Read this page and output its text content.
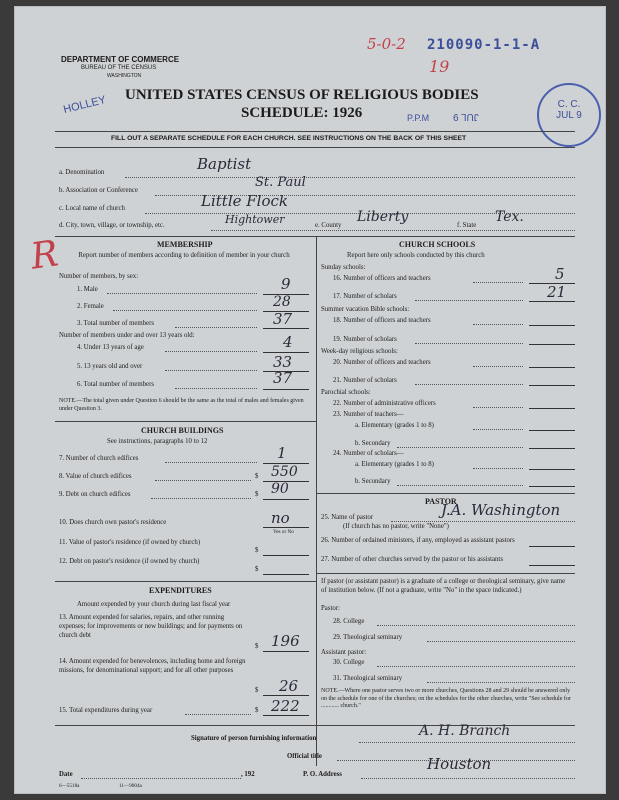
5-0-2
19
210090-1-1-A
HOLLEY
P.P.M JUL 9
C. C.
JUL 9
R
DEPARTMENT OF COMMERCE
BUREAU OF THE CENSUS
WASHINGTON
UNITED STATES CENSUS OF RELIGIOUS BODIES
SCHEDULE: 1926
FILL OUT A SEPARATE SCHEDULE FOR EACH CHURCH. SEE INSTRUCTIONS ON THE BACK OF THIS SHEET
a. Denomination	Baptist
b. Association or Conference
St. Paul
c. Local name of church	Little Flock
d. City, town, village, or township, etc.	Hightower	e. County
Liberty
f. State
Tex.
MEMBERSHIP
Report number of members according to definition of member in your church
Number of members, by sex:
1. Male	9
2. Female	28
3. Total number of members	37
Number of members under and over 13 years old:
4. Under 13 years of age	4
5. 13 years old and over	33
6. Total number of members	37
NOTE.—The total given under Question 6 should be the same as the total of males and females given under Question 3.
CHURCH BUILDINGS
See instructions, paragraphs 10 to 12
7. Number of church edifices	1
8. Value of church edifices	$ 550
9. Debt on church edifices	$ 90
10. Does church own pastor's residence	no
Yes or No
11. Value of pastor's residence (if owned by church)
$
12. Debt on pastor's residence (if owned by church)
$
EXPENDITURES
Amount expended by your church during last fiscal year
13. Amount expended for salaries, repairs, and other running expenses; for improvements or new buildings; and for payments on church debt
$ 196
14. Amount expended for benevolences, including home and foreign missions, for denominational support; and for all other purposes
$ 26
15. Total expenditures during year	$ 222
CHURCH SCHOOLS
Report here only schools conducted by this church
Sunday schools:
16. Number of officers and teachers	5
17. Number of scholars	21
Summer vacation Bible schools:
18. Number of officers and teachers
19. Number of scholars
Week-day religious schools:
20. Number of officers and teachers
21. Number of scholars
Parochial schools:
22. Number of administrative officers
23. Number of teachers—
a. Elementary (grades 1 to 8)
b. Secondary
24. Number of scholars—
a. Elementary (grades 1 to 8)
b. Secondary
PASTOR
25. Name of pastor	J.A. Washington
(If church has no pastor, write "None")
26. Number of ordained ministers, if any, employed as assistant pastors
27. Number of other churches served by the pastor or his assistants
If pastor (or assistant pastor) is a graduate of a college or theological seminary, give name of institution below. (If not a graduate, write "No" in the space indicated.)
Pastor:
28. College
29. Theological seminary
Assistant pastor:
30. College
31. Theological seminary
NOTE.—Where one pastor serves two or more churches, Questions 28 and 29 should be answered only on the schedule for one of the churches; on the schedules for the other churches, write "See schedule for ............ church."
Signature of person furnishing information	A. H. Branch
Official title
Date	, 192	P. O. Address
Houston
6—5518a	11—9004a
